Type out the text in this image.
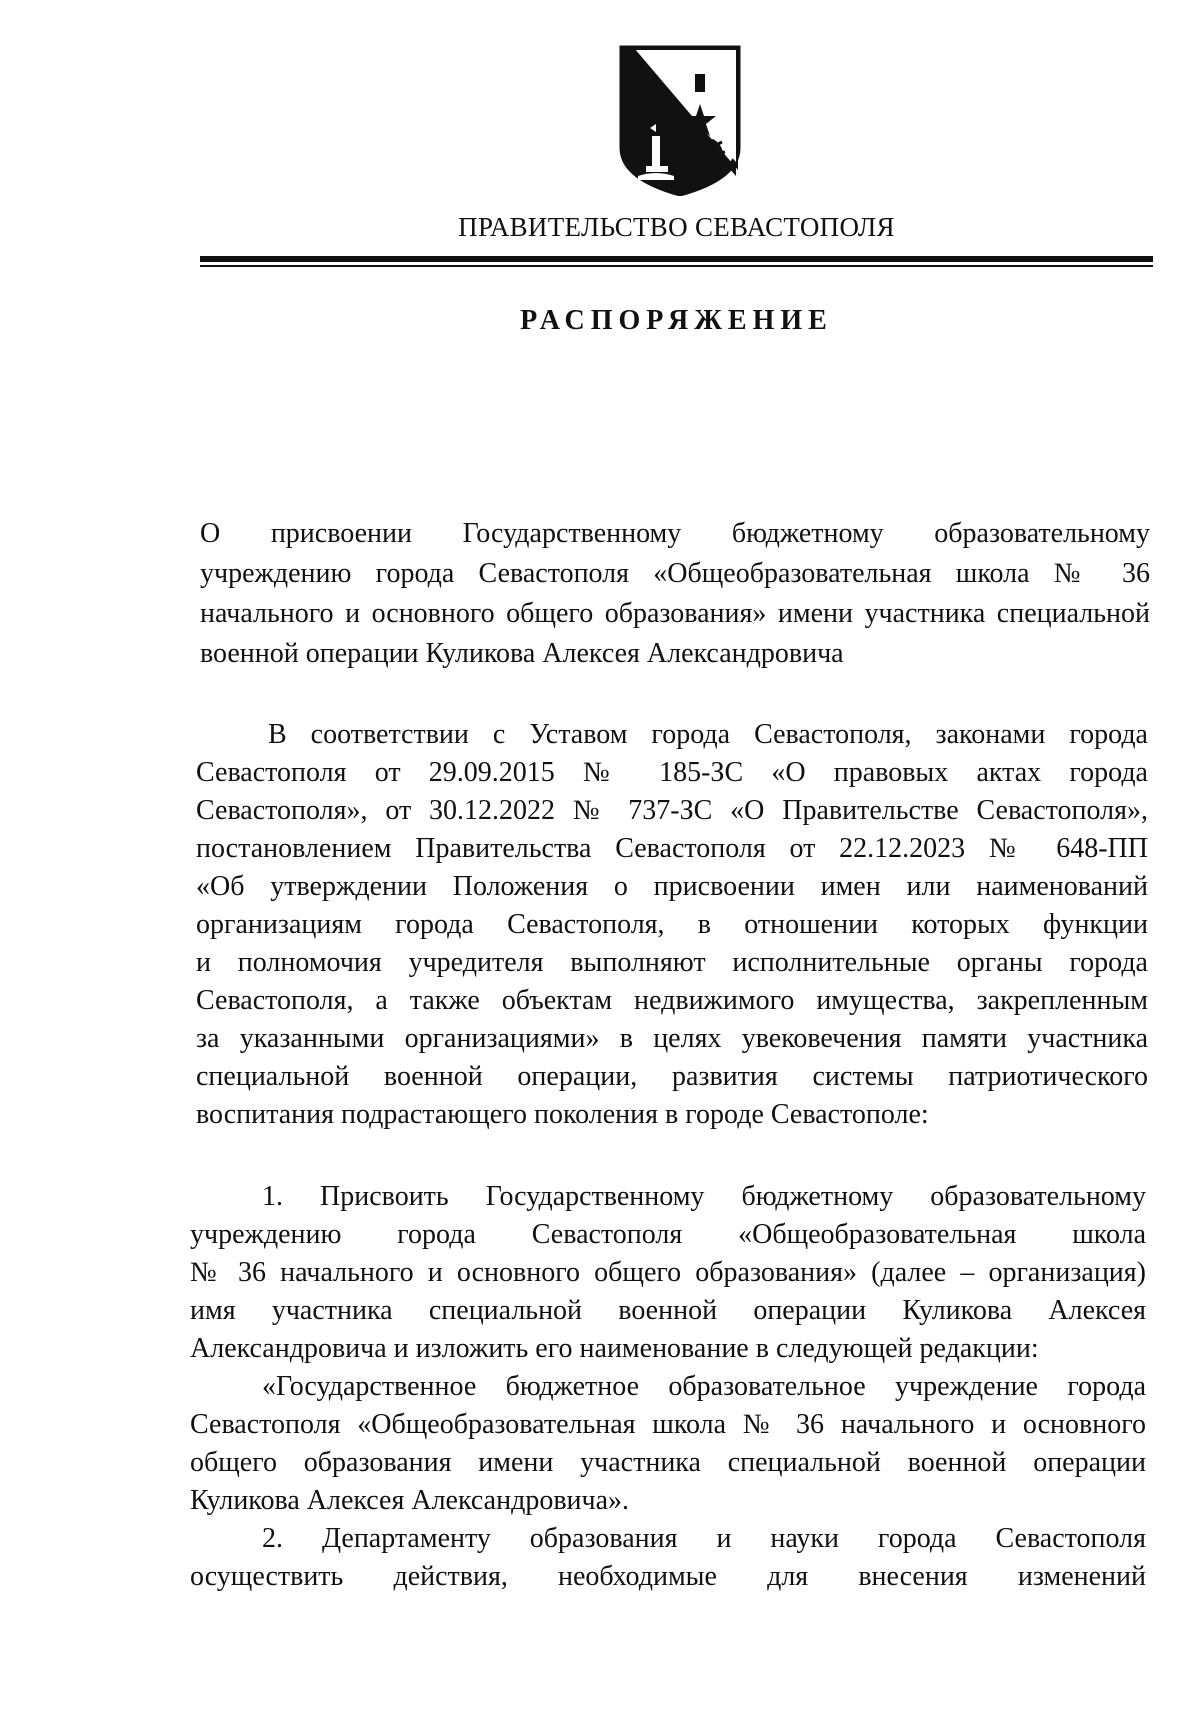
ПРАВИТЕЛЬСТВО СЕВАСТОПОЛЯ
РАСПОРЯЖЕНИЕ
О присвоении Государственному бюджетному образовательному
учреждению города Севастополя «Общеобразовательная школа № 36
начального и основного общего образования» имени участника специальной
военной операции Куликова Алексея Александровича
В соответствии с Уставом города Севастополя, законами города
Севастополя от 29.09.2015 № 185-ЗС «О правовых актах города
Севастополя», от 30.12.2022 № 737-ЗС «О Правительстве Севастополя»,
постановлением Правительства Севастополя от 22.12.2023 № 648-ПП
«Об утверждении Положения о присвоении имен или наименований
организациям города Севастополя, в отношении которых функции
и полномочия учредителя выполняют исполнительные органы города
Севастополя, а также объектам недвижимого имущества, закрепленным
за указанными организациями» в целях увековечения памяти участника
специальной военной операции, развития системы патриотического
воспитания подрастающего поколения в городе Севастополе:
1. Присвоить Государственному бюджетному образовательному
учреждению города Севастополя «Общеобразовательная школа
№ 36 начального и основного общего образования» (далее – организация)
имя участника специальной военной операции Куликова Алексея
Александровича и изложить его наименование в следующей редакции:
«Государственное бюджетное образовательное учреждение города
Севастополя «Общеобразовательная школа № 36 начального и основного
общего образования имени участника специальной военной операции
Куликова Алексея Александровича».
2. Департаменту образования и науки города Севастополя
осуществить действия, необходимые для внесения изменений
